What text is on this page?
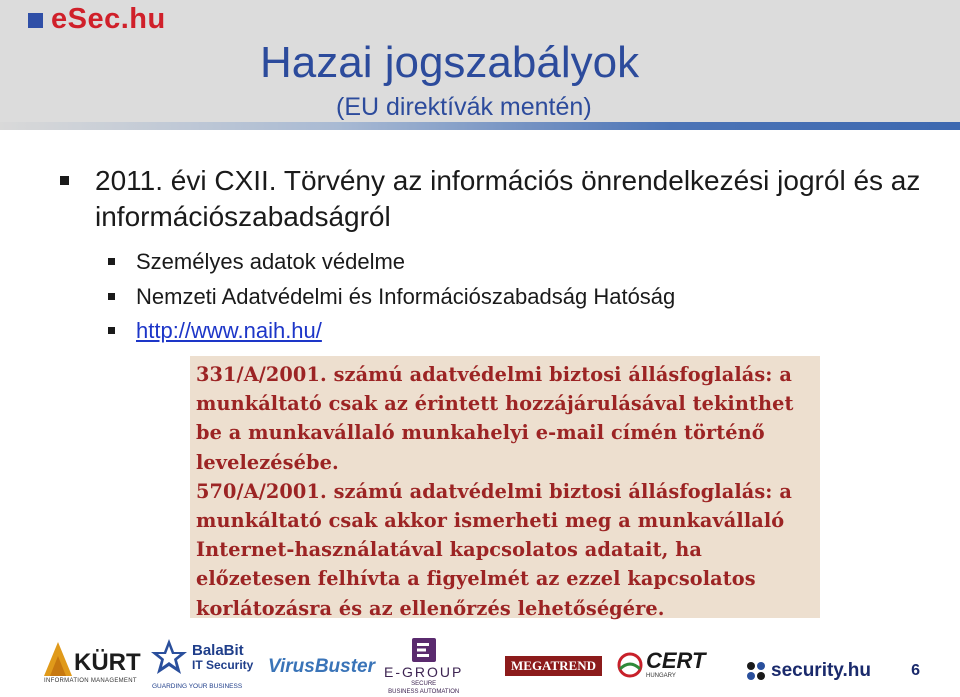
eSec.hu
Hazai jogszabályok
(EU direktívák mentén)
2011. évi CXII. Törvény az információs önrendelkezési jogról és az információszabadságról
Személyes adatok védelme
Nemzeti Adatvédelmi és Információszabadság Hatóság
http://www.naih.hu/
331/A/2001. számú adatvédelmi biztosi állásfoglalás: a
munkáltató csak az érintett hozzájárulásával tekinthet
be a munkavállaló munkahelyi e-mail címén történő
levelezésébe.
570/A/2001. számú adatvédelmi biztosi állásfoglalás: a
munkáltató csak akkor ismerheti meg a munkavállaló
Internet-használatával kapcsolatos adatait, ha
előzetesen felhívta a figyelmét az ezzel kapcsolatos
korlátozásra és az ellenőrzés lehetőségére.
KÜRT
INFORMATION MANAGEMENT
BalaBit
IT Security
GUARDING YOUR BUSINESS
VirusBuster E-GROUP
SECURE
BUSINESS AUTOMATION
MEGATREND CERT
HUNGARY	security.hu	6
